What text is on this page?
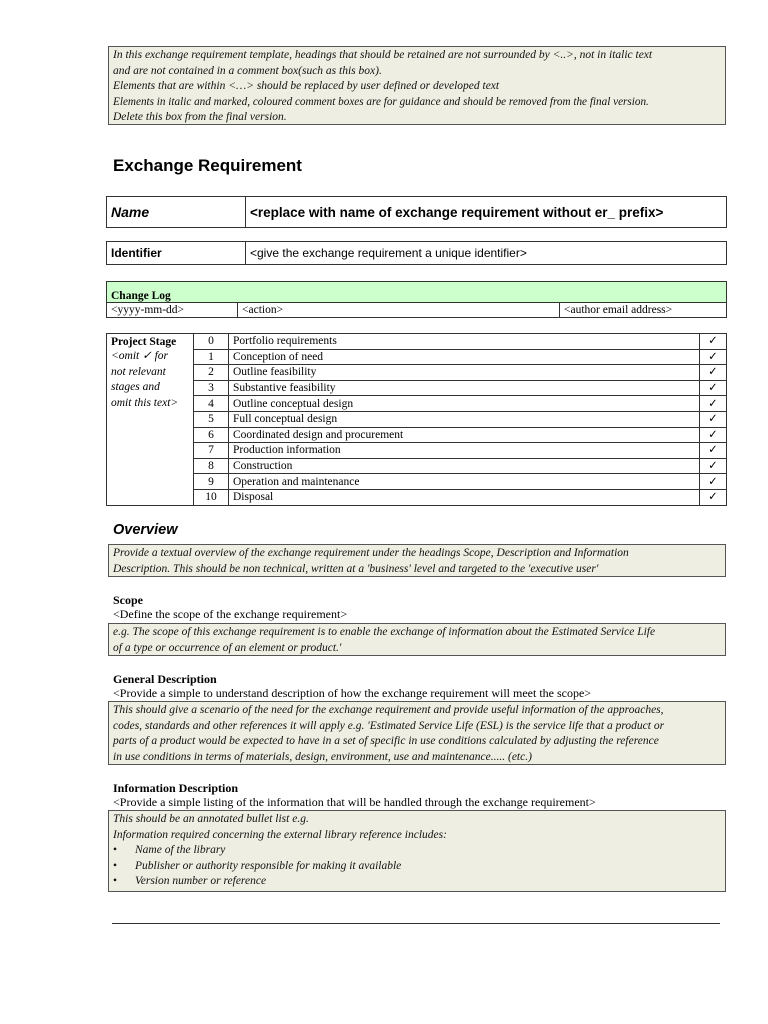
In this exchange requirement template, headings that should be retained are not surrounded by <..>, not in italic text

and are not contained in a comment box(such as this box).

Elements that are within <…> should be replaced by user defined or developed text

Elements in italic and marked, coloured comment boxes are for guidance and should be removed from the final version.

Delete this box from the final version.

Exchange Requirement
Name	<replace with name of exchange requirement without er_ prefix>
Identifier	<give the exchange requirement a unique identifier>
Change Log
<yyyy-mm-dd>	<action>	<author email address>
Project Stage
<omit ✓ for
not relevant
stages and
omit this text>	0	Portfolio requirements	✓
	1	Conception of need	✓
	2	Outline feasibility	✓
	3	Substantive feasibility	✓
	4	Outline conceptual design	✓
	5	Full conceptual design	✓
	6	Coordinated design and procurement	✓
	7	Production information	✓
	8	Construction	✓
	9	Operation and maintenance	✓
	10	Disposal	✓
Overview

Provide a textual overview of the exchange requirement under the headings Scope, Description and Information

Description. This should be non technical, written at a 'business' level and targeted to the 'executive user'

Scope
<Define the scope of the exchange requirement>

e.g. The scope of this exchange requirement is to enable the exchange of information about the Estimated Service Life

of a type or occurrence of an element or product.'

General Description
<Provide a simple to understand description of how the exchange requirement will meet the scope>

This should give a scenario of the need for the exchange requirement and provide useful information of the approaches,

codes, standards and other references it will apply e.g. 'Estimated Service Life (ESL) is the service life that a product or

parts of a product would be expected to have in a set of specific in use conditions calculated by adjusting the reference

in use conditions in terms of materials, design, environment, use and maintenance..... (etc.)

Information Description
<Provide a simple listing of the information that will be handled through the exchange requirement>

This should be an annotated bullet list e.g.

Information required concerning the external library reference includes:

• Name of the library

• Publisher or authority responsible for making it available

• Version number or reference
